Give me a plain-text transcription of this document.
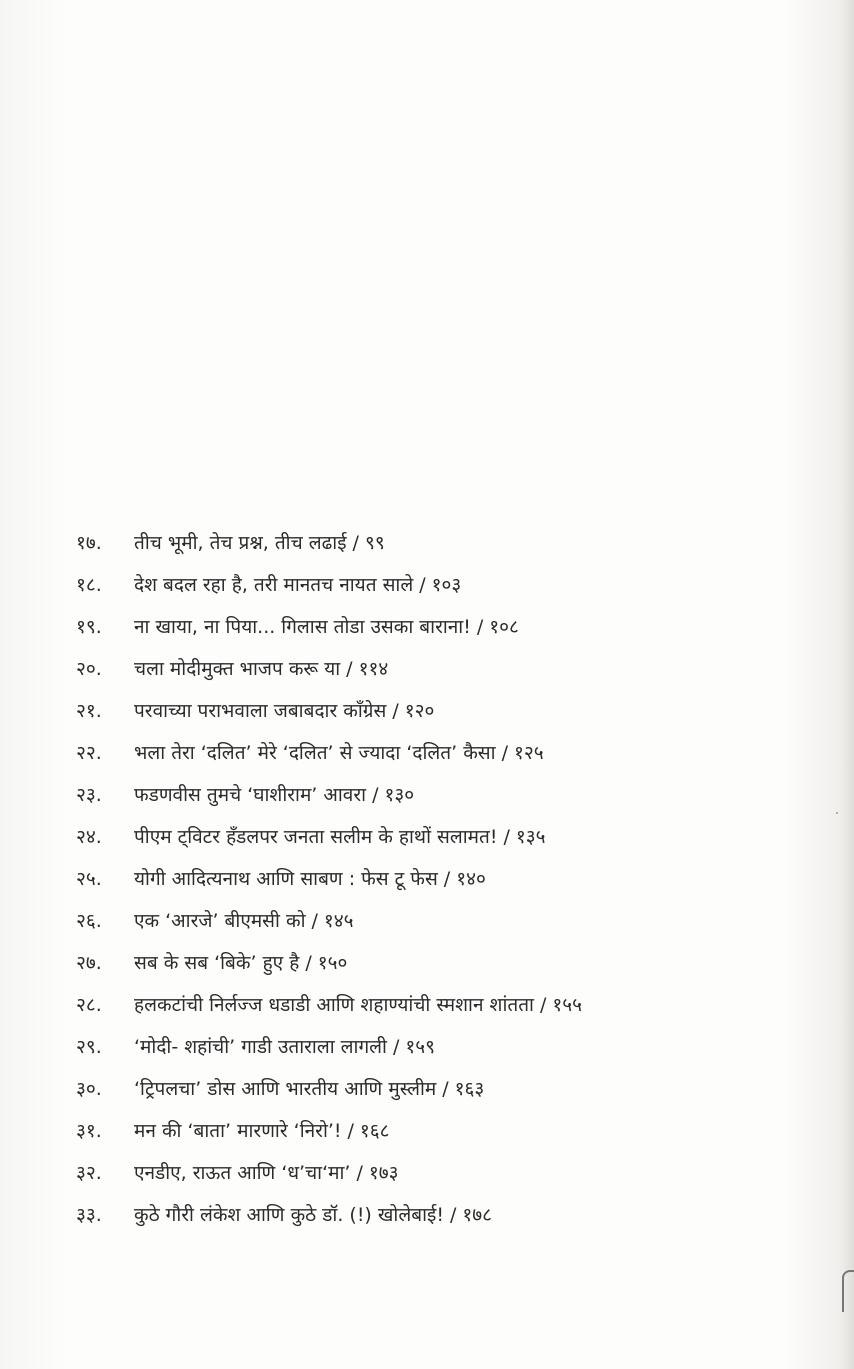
१७.	तीच भूमी, तेच प्रश्न, तीच लढाई / ९९
१८.	देश बदल रहा है, तरी मानतच नायत साले / १०३
१९.	ना खाया, ना पिया... गिलास तोडा उसका बाराना! / १०८
२०.	चला मोदीमुक्त भाजप करू या / ११४
२१.	परवाच्या पराभवाला जबाबदार काँग्रेस / १२०
२२.	भला तेरा ‘दलित’ मेरे ‘दलित’ से ज्यादा ‘दलित’ कैसा / १२५
२३.	फडणवीस तुमचे ‘घाशीराम’ आवरा / १३०
२४.	पीएम ट्विटर हँडलपर जनता सलीम के हाथों सलामत! / १३५
२५.	योगी आदित्यनाथ आणि साबण : फेस टू फेस / १४०
२६.	एक ‘आरजे’ बीएमसी को / १४५
२७.	सब के सब ‘बिके’ हुए है / १५०
२८.	हलकटांची निर्लज्ज धडाडी आणि शहाण्यांची स्मशान शांतता / १५५
२९.	‘मोदी- शहांची’ गाडी उताराला लागली / १५९
३०.	‘ट्रिपलचा’ डोस आणि भारतीय आणि मुस्लीम / १६३
३१.	मन की ‘बाता’ मारणारे ‘निरो’! / १६८
३२.	एनडीए, राऊत आणि ‘ध’चा‘मा’ / १७३
३३.	कुठे गौरी लंकेश आणि कुठे डॉ. (!) खोलेबाई! / १७८
